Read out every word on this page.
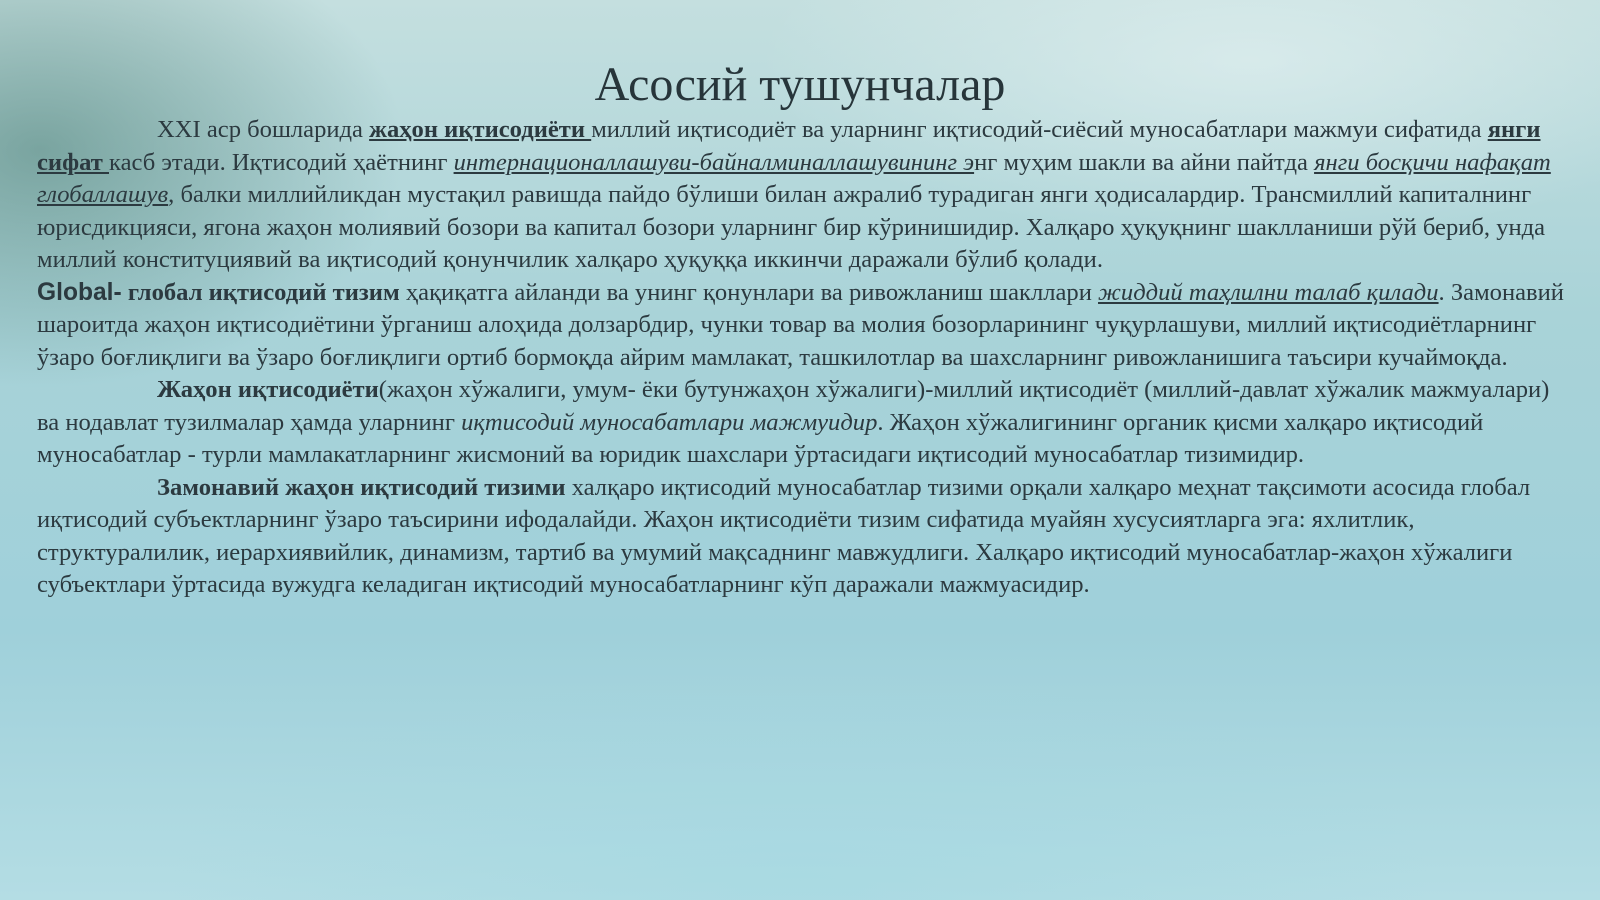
Асосий тушунчалар

XXI аср бошларида жаҳон иқтисодиёти миллий иқтисодиёт ва уларнинг иқтисодий-сиёсий муносабатлари мажмуи сифатида янги сифат касб этади. Иқтисодий ҳаётнинг интернационаллашуви-байналминаллашувининг энг муҳим шакли ва айни пайтда янги босқичи нафақат глобаллашув, балки миллийликдан мустақил равишда пайдо бўлиши билан ажралиб турадиган янги ҳодисалардир. Трансмиллий капиталнинг юрисдикцияси, ягона жаҳон молиявий бозори ва капитал бозори уларнинг бир кўринишидир. Халқаро ҳуқуқнинг шаклланиши рўй бериб, унда миллий конституциявий ва иқтисодий қонунчилик халқаро ҳуқуққа иккинчи даражали бўлиб қолади.

Global- глобал иқтисодий тизим ҳақиқатга айланди ва унинг қонунлари ва ривожланиш шакллари жиддий таҳлилни талаб қилади. Замонавий шароитда жаҳон иқтисодиётини ўрганиш алоҳида долзарбдир, чунки товар ва молия бозорларининг чуқурлашуви, миллий иқтисодиётларнинг ўзаро боғлиқлиги ва ўзаро боғлиқлиги ортиб бормоқда айрим мамлакат, ташкилотлар ва шахсларнинг ривожланишига таъсири кучаймоқда.

Жаҳон иқтисодиёти(жаҳон хўжалиги, умум- ёки бутунжаҳон хўжалиги)-миллий иқтисодиёт (миллий-давлат хўжалик мажмуалари) ва нодавлат тузилмалар ҳамда уларнинг иқтисодий муносабатлари мажмуидир. Жаҳон хўжалигининг органик қисми халқаро иқтисодий муносабатлар - турли мамлакатларнинг жисмоний ва юридик шахслари ўртасидаги иқтисодий муносабатлар тизимидир.

Замонавий жаҳон иқтисодий тизими халқаро иқтисодий муносабатлар тизими орқали халқаро меҳнат тақсимоти асосида глобал иқтисодий субъектларнинг ўзаро таъсирини ифодалайди. Жаҳон иқтисодиёти тизим сифатида муайян хусусиятларга эга: яхлитлик, структуралилик, иерархиявийлик, динамизм, тартиб ва умумий мақсаднинг мавжудлиги. Халқаро иқтисодий муносабатлар-жаҳон хўжалиги субъектлари ўртасида вужудга келадиган иқтисодий муносабатларнинг кўп даражали мажмуасидир.
